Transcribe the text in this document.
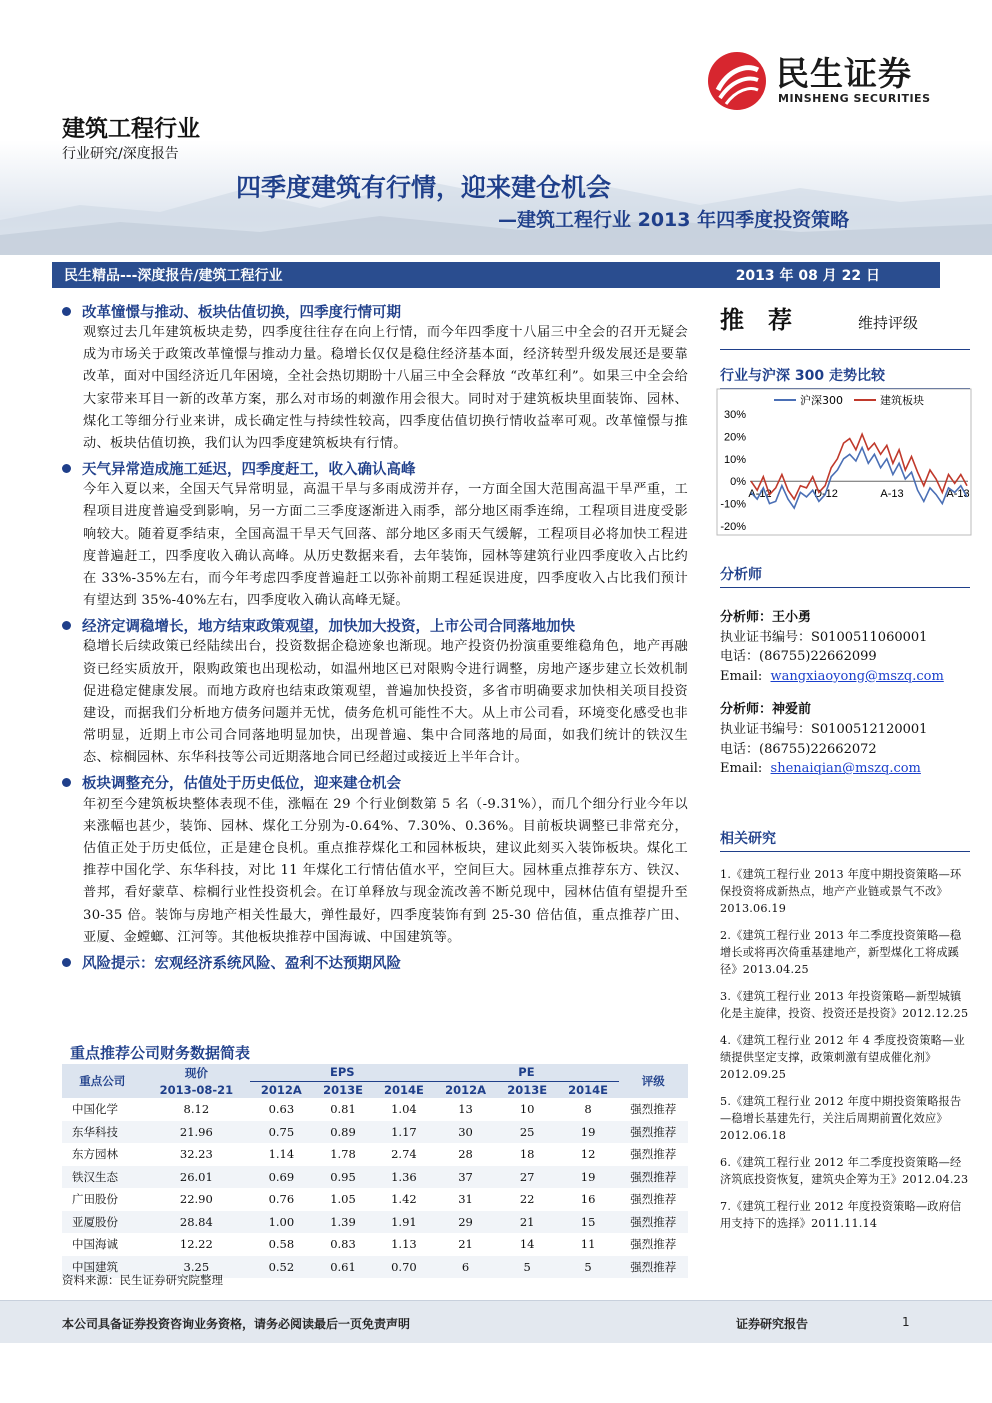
民生证券
MINSHENG SECURITIES
建筑工程行业
行业研究/深度报告
四季度建筑有行情，迎来建仓机会
—建筑工程行业 2013 年四季度投资策略
民生精品---深度报告/建筑工程行业	2013 年 08 月 22 日
改革憧憬与推动、板块估值切换，四季度行情可期
观察过去几年建筑板块走势，四季度往往存在向上行情，而今年四季度十八届三中全会的召开无疑会成为市场关于政策改革憧憬与推动力量。稳增长仅仅是稳住经济基本面，经济转型升级发展还是要靠改革，面对中国经济近几年困境，全社会热切期盼十八届三中全会释放 “改革红利”。如果三中全会给大家带来耳目一新的改革方案，那么对市场的刺激作用会很大。同时对于建筑板块里面装饰、园林、煤化工等细分行业来讲，成长确定性与持续性较高，四季度估值切换行情收益率可观。改革憧憬与推动、板块估值切换，我们认为四季度建筑板块有行情。
天气异常造成施工延迟，四季度赶工，收入确认高峰
今年入夏以来，全国天气异常明显，高温干旱与多雨成涝并存，一方面全国大范围高温干旱严重，工程项目进度普遍受到影响，另一方面二三季度逐渐进入雨季，部分地区雨季连绵，工程项目进度受影响较大。随着夏季结束，全国高温干旱天气回落、部分地区多雨天气缓解，工程项目必将加快工程进度普遍赶工，四季度收入确认高峰。从历史数据来看，去年装饰，园林等建筑行业四季度收入占比约在 33%-35%左右，而今年考虑四季度普遍赶工以弥补前期工程延误进度，四季度收入占比我们预计有望达到 35%-40%左右，四季度收入确认高峰无疑。
经济定调稳增长，地方结束政策观望，加快加大投资，上市公司合同落地加快
稳增长后续政策已经陆续出台，投资数据企稳迹象也渐现。地产投资仍扮演重要维稳角色，地产再融资已经实质放开，限购政策也出现松动，如温州地区已对限购令进行调整，房地产逐步建立长效机制促进稳定健康发展。而地方政府也结束政策观望，普遍加快投资，多省市明确要求加快相关项目投资建设，而据我们分析地方债务问题并无忧，债务危机可能性不大。从上市公司看，环境变化感受也非常明显，近期上市公司合同落地明显加快，出现普遍、集中合同落地的局面，如我们统计的铁汉生态、棕榈园林、东华科技等公司近期落地合同已经超过或接近上半年合计。
板块调整充分，估值处于历史低位，迎来建仓机会
年初至今建筑板块整体表现不佳，涨幅在 29 个行业倒数第 5 名（-9.31%），而几个细分行业今年以来涨幅也甚少，装饰、园林、煤化工分别为-0.64%、7.30%、0.36%。目前板块调整已非常充分，估值正处于历史低位，正是建仓良机。重点推荐煤化工和园林板块，建议此刻买入装饰板块。煤化工推荐中国化学、东华科技，对比 11 年煤化工行情估值水平，空间巨大。园林重点推荐东方、铁汉、普邦，看好蒙草、棕榈行业性投资机会。在订单释放与现金流改善不断兑现中，园林估值有望提升至 30-35 倍。装饰与房地产相关性最大，弹性最好，四季度装饰有到 25-30 倍估值，重点推荐广田、亚厦、金螳螂、江河等。其他板块推荐中国海诚、中国建筑等。
风险提示：宏观经济系统风险、盈利不达预期风险
重点推荐公司财务数据简表
重点公司	现价	EPS			PE			评级
	2013-08-21	2012A	2013E	2014E	2012A	2013E	2014E	
中国化学	8.12	0.63	0.81	1.04	13	10	8	强烈推荐
东华科技	21.96	0.75	0.89	1.17	30	25	19	强烈推荐
东方园林	32.23	1.14	1.78	2.74	28	18	12	强烈推荐
铁汉生态	26.01	0.69	0.95	1.36	37	27	19	强烈推荐
广田股份	22.90	0.76	1.05	1.42	31	22	16	强烈推荐
亚厦股份	28.84	1.00	1.39	1.91	29	21	15	强烈推荐
中国海诚	12.22	0.58	0.83	1.13	21	14	11	强烈推荐
中国建筑	3.25	0.52	0.61	0.70	6	5	5	强烈推荐
资料来源：民生证券研究院整理
推荐	维持评级
行业与沪深 300 走势比较
30%
20%
10%
0%
-10%
-20%
A-12	D-12	A-13	A-13
沪深300	建筑板块
分析师
分析师：王小勇
执业证书编号：S0100511060001
电话：(86755)22662099
Email: wangxiaoyong@mszq.com
分析师：神爱前
执业证书编号：S0100512120001
电话：(86755)22662072
Email: shenaiqian@mszq.com
相关研究
1.《建筑工程行业 2013 年度中期投资策略—环保投资将成新热点，地产产业链或景气不改》2013.06.19
2.《建筑工程行业 2013 年二季度投资策略—稳增长或将再次倚重基建地产，新型煤化工将成蹊径》2013.04.25
3.《建筑工程行业 2013 年投资策略—新型城镇化是主旋律，投资、投资还是投资》2012.12.25
4.《建筑工程行业 2012 年 4 季度投资策略—业绩提供坚定支撑，政策刺激有望成催化剂》2012.09.25
5.《建筑工程行业 2012 年度中期投资策略报告—稳增长基建先行，关注后周期前置化效应》2012.06.18
6.《建筑工程行业 2012 年二季度投资策略—经济筑底投资恢复，建筑央企筹为王》2012.04.23
7.《建筑工程行业 2012 年度投资策略—政府信用支持下的选择》2011.11.14
本公司具备证券投资咨询业务资格，请务必阅读最后一页免责声明	证券研究报告	1
